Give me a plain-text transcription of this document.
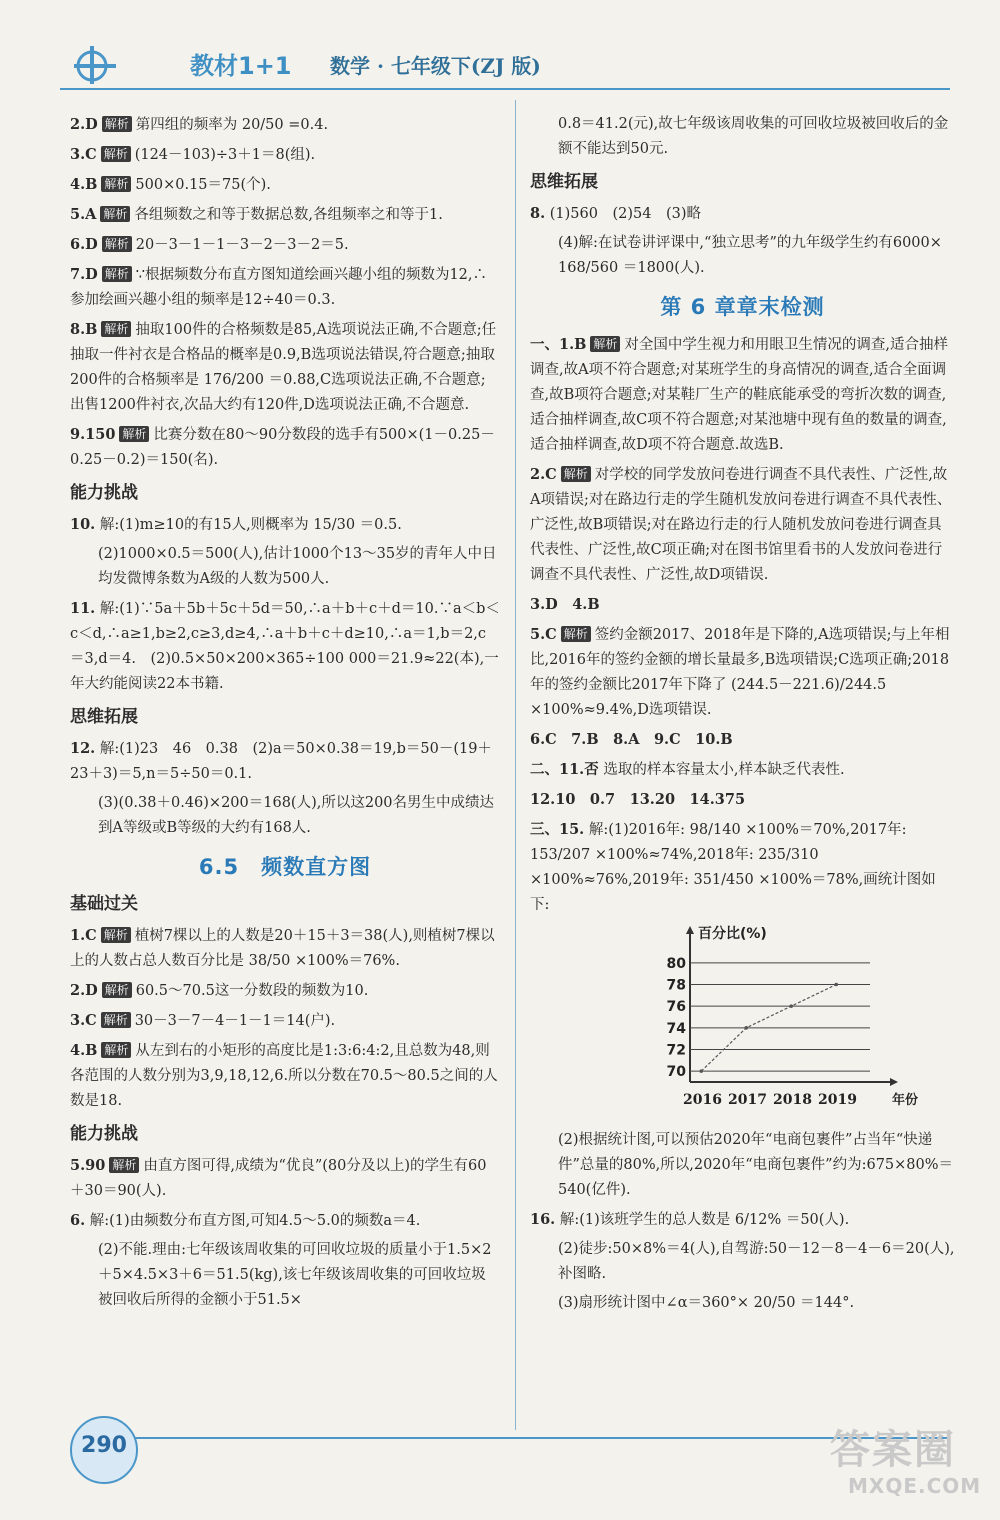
教材1+1 数学 · 七年级下(ZJ 版)
2.D 解析 第四组的频率为 20/50 =0.4.
3.C 解析 (124－103)÷3＋1＝8(组).
4.B 解析 500×0.15＝75(个).
5.A 解析 各组频数之和等于数据总数,各组频率之和等于1.
6.D 解析 20－3－1－1－3－2－3－2＝5.
7.D 解析 ∵根据频数分布直方图知道绘画兴趣小组的频数为12,∴参加绘画兴趣小组的频率是12÷40＝0.3.
8.B 解析 抽取100件的合格频数是85,A选项说法正确,不合题意;任抽取一件衬衣是合格品的概率是0.9,B选项说法错误,符合题意;抽取200件的合格频率是 176/200 ＝0.88,C选项说法正确,不合题意;出售1200件衬衣,次品大约有120件,D选项说法正确,不合题意.
9.150 解析 比赛分数在80～90分数段的选手有500×(1－0.25－0.25－0.2)＝150(名).
能力挑战
10. 解:(1)m≥10的有15人,则概率为 15/30 ＝0.5.
(2)1000×0.5＝500(人),估计1000个13～35岁的青年人中日均发微博条数为A级的人数为500人.
11. 解:(1)∵5a＋5b＋5c＋5d＝50,∴a＋b＋c＋d＝10.∵a＜b＜c＜d,∴a≥1,b≥2,c≥3,d≥4,∴a＋b＋c＋d≥10,∴a＝1,b＝2,c＝3,d＝4.　(2)0.5×50×200×365÷100 000＝21.9≈22(本),一年大约能阅读22本书籍.
思维拓展
12. 解:(1)23　46　0.38　(2)a＝50×0.38＝19,b＝50－(19＋23＋3)＝5,n＝5÷50＝0.1.
(3)(0.38＋0.46)×200＝168(人),所以这200名男生中成绩达到A等级或B等级的大约有168人.
6.5　频数直方图
基础过关
1.C 解析 植树7棵以上的人数是20＋15＋3＝38(人),则植树7棵以上的人数占总人数百分比是 38/50 ×100%＝76%.
2.D 解析 60.5～70.5这一分数段的频数为10.
3.C 解析 30－3－7－4－1－1＝14(户).
4.B 解析 从左到右的小矩形的高度比是1:3:6:4:2,且总数为48,则各范围的人数分别为3,9,18,12,6.所以分数在70.5～80.5之间的人数是18.
能力挑战
5.90 解析 由直方图可得,成绩为“优良”(80分及以上)的学生有60＋30＝90(人).
6. 解:(1)由频数分布直方图,可知4.5～5.0的频数a＝4.
(2)不能.理由:七年级该周收集的可回收垃圾的质量小于1.5×2＋5×4.5×3＋6＝51.5(kg),该七年级该周收集的可回收垃圾被回收后所得的金额小于51.5×
0.8＝41.2(元),故七年级该周收集的可回收垃圾被回收后的金额不能达到50元.
思维拓展
8. (1)560　(2)54　(3)略
(4)解:在试卷讲评课中,“独立思考”的九年级学生约有6000× 168/560 ＝1800(人).
第 6 章章末检测
一、1.B 解析 对全国中学生视力和用眼卫生情况的调查,适合抽样调查,故A项不符合题意;对某班学生的身高情况的调查,适合全面调查,故B项符合题意;对某鞋厂生产的鞋底能承受的弯折次数的调查,适合抽样调查,故C项不符合题意;对某池塘中现有鱼的数量的调查,适合抽样调查,故D项不符合题意.故选B.
2.C 解析 对学校的同学发放问卷进行调查不具代表性、广泛性,故A项错误;对在路边行走的学生随机发放问卷进行调查不具代表性、广泛性,故B项错误;对在路边行走的行人随机发放问卷进行调查具代表性、广泛性,故C项正确;对在图书馆里看书的人发放问卷进行调查不具代表性、广泛性,故D项错误.
3.D　4.B
5.C 解析 签约金额2017、2018年是下降的,A选项错误;与上年相比,2016年的签约金额的增长量最多,B选项错误;C选项正确;2018年的签约金额比2017年下降了 (244.5－221.6)/244.5 ×100%≈9.4%,D选项错误.
6.C　7.B　8.A　9.C　10.B
二、11.否 选取的样本容量太小,样本缺乏代表性.
12.10　0.7　13.20　14.375
三、15. 解:(1)2016年: 98/140 ×100%＝70%,2017年: 153/207 ×100%≈74%,2018年: 235/310 ×100%≈76%,2019年: 351/450 ×100%＝78%,画统计图如下:
百分比(%)
70
72
74
76
78
80
2016 2017 2018 2019	年份
(2)根据统计图,可以预估2020年“电商包裹件”占当年“快递件”总量的80%,所以,2020年“电商包裹件”约为:675×80%＝540(亿件).
16. 解:(1)该班学生的总人数是 6/12% ＝50(人).
(2)徒步:50×8%＝4(人),自驾游:50－12－8－4－6＝20(人),补图略.
(3)扇形统计图中∠α＝360°× 20/50 ＝144°.
290	答案圈
MXQE.COM
